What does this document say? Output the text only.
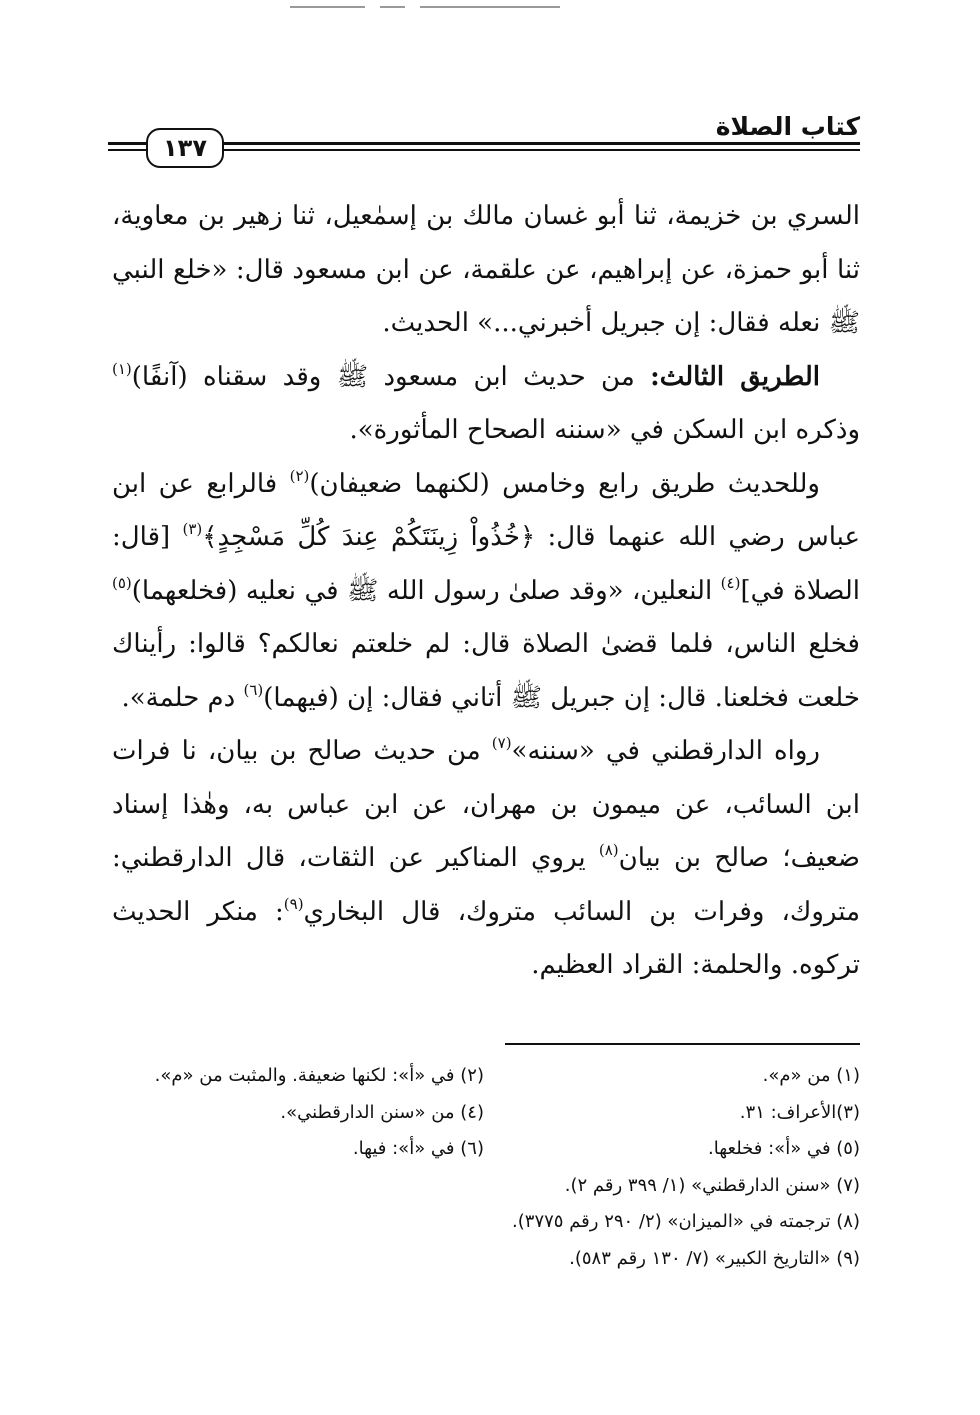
كتاب الصلاة
١٣٧

السري بن خزيمة، ثنا أبو غسان مالك بن إسمٰعيل، ثنا زهير بن معاوية، ثنا أبو حمزة، عن إبراهيم، عن علقمة، عن ابن مسعود قال: «خلع النبي ﷺ نعله فقال: إن جبريل أخبرني...» الحديث.

الطريق الثالث: من حديث ابن مسعود ﷺ وقد سقناه (آنفًا)$^{(١)}$ وذكره ابن السكن في «سننه الصحاح المأثورة».

وللحديث طريق رابع وخامس (لكنهما ضعيفان)$^{(٢)}$ فالرابع عن ابن عباس رضي الله عنهما قال: ﴿خُذُواْ زِينَتَكُمْ عِندَ كُلِّ مَسْجِدٍ﴾$^{(٣)}$ [قال: الصلاة في]$^{(٤)}$ النعلين، «وقد صلىٰ رسول الله ﷺ في نعليه (فخلعهما)$^{(٥)}$ فخلع الناس، فلما قضىٰ الصلاة قال: لم خلعتم نعالكم؟ قالوا: رأيناك خلعت فخلعنا. قال: إن جبريل ﷺ أتاني فقال: إن (فيهما)$^{(٦)}$ دم حلمة».

رواه الدارقطني في «سننه»$^{(٧)}$ من حديث صالح بن بيان، نا فرات ابن السائب، عن ميمون بن مهران، عن ابن عباس به، وهٰذا إسناد ضعيف؛ صالح بن بيان$^{(٨)}$ يروي المناكير عن الثقات، قال الدارقطني: متروك، وفرات بن السائب متروك، قال البخاري$^{(٩)}$: منكر الحديث تركوه. والحلمة: القراد العظيم.

(١) من «م».
(٢) في «أ»: لكنها ضعيفة. والمثبت من «م».
(٣)الأعراف: ٣١.
(٤) من «سنن الدارقطني».
(٥) في «أ»: فخلعها.
(٦) في «أ»: فيها.
(٧) «سنن الدارقطني» (١/ ٣٩٩ رقم ٢).
(٨) ترجمته في «الميزان» (٢/ ٢٩٠ رقم ٣٧٧٥).
(٩) «التاريخ الكبير» (٧/ ١٣٠ رقم ٥٨٣).
